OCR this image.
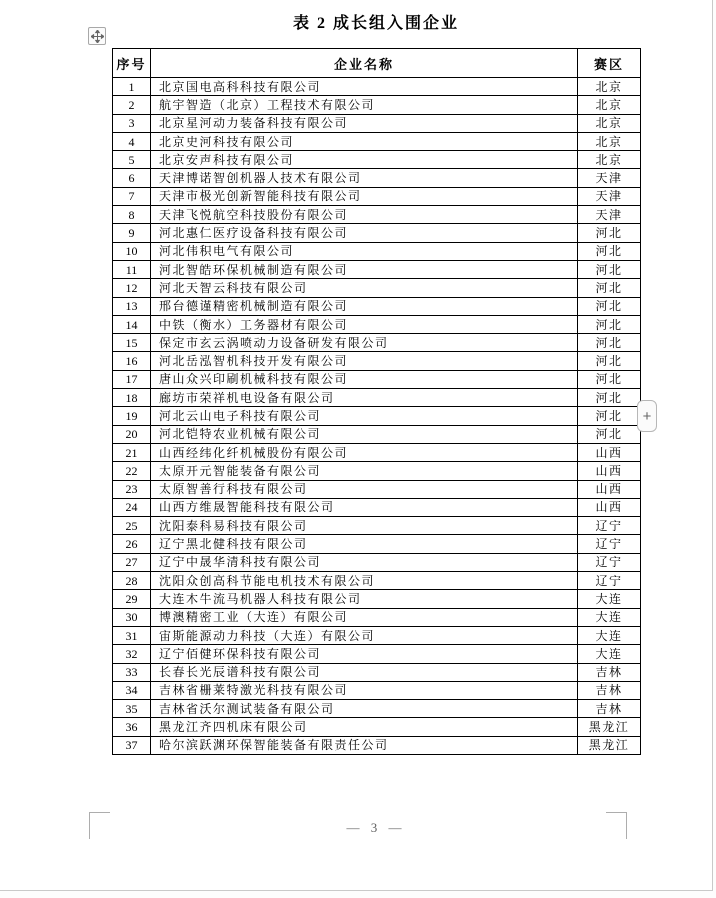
表 2 成长组入围企业
序号	企业名称	赛区
1	北京国电高科科技有限公司	北京
2	航宇智造（北京）工程技术有限公司	北京
3	北京星河动力装备科技有限公司	北京
4	北京史河科技有限公司	北京
5	北京安声科技有限公司	北京
6	天津博诺智创机器人技术有限公司	天津
7	天津市极光创新智能科技有限公司	天津
8	天津飞悦航空科技股份有限公司	天津
9	河北惠仁医疗设备科技有限公司	河北
10	河北伟积电气有限公司	河北
11	河北智皓环保机械制造有限公司	河北
12	河北天智云科技有限公司	河北
13	邢台德谨精密机械制造有限公司	河北
14	中铁（衡水）工务器材有限公司	河北
15	保定市玄云涡喷动力设备研发有限公司	河北
16	河北岳泓智机科技开发有限公司	河北
17	唐山众兴印刷机械科技有限公司	河北
18	廊坊市荣祥机电设备有限公司	河北
19	河北云山电子科技有限公司	河北
20	河北铠特农业机械有限公司	河北
21	山西经纬化纤机械股份有限公司	山西
22	太原开元智能装备有限公司	山西
23	太原智善行科技有限公司	山西
24	山西方维晟智能科技有限公司	山西
25	沈阳泰科易科技有限公司	辽宁
26	辽宁黑北健科技有限公司	辽宁
27	辽宁中晟华清科技有限公司	辽宁
28	沈阳众创高科节能电机技术有限公司	辽宁
29	大连木牛流马机器人科技有限公司	大连
30	博澳精密工业（大连）有限公司	大连
31	宙斯能源动力科技（大连）有限公司	大连
32	辽宁佰健环保科技有限公司	大连
33	长春长光辰谱科技有限公司	吉林
34	吉林省栅莱特激光科技有限公司	吉林
35	吉林省沃尔测试装备有限公司	吉林
36	黑龙江齐四机床有限公司	黑龙江
37	哈尔滨跃渊环保智能装备有限责任公司	黑龙江
+
— 3 —
